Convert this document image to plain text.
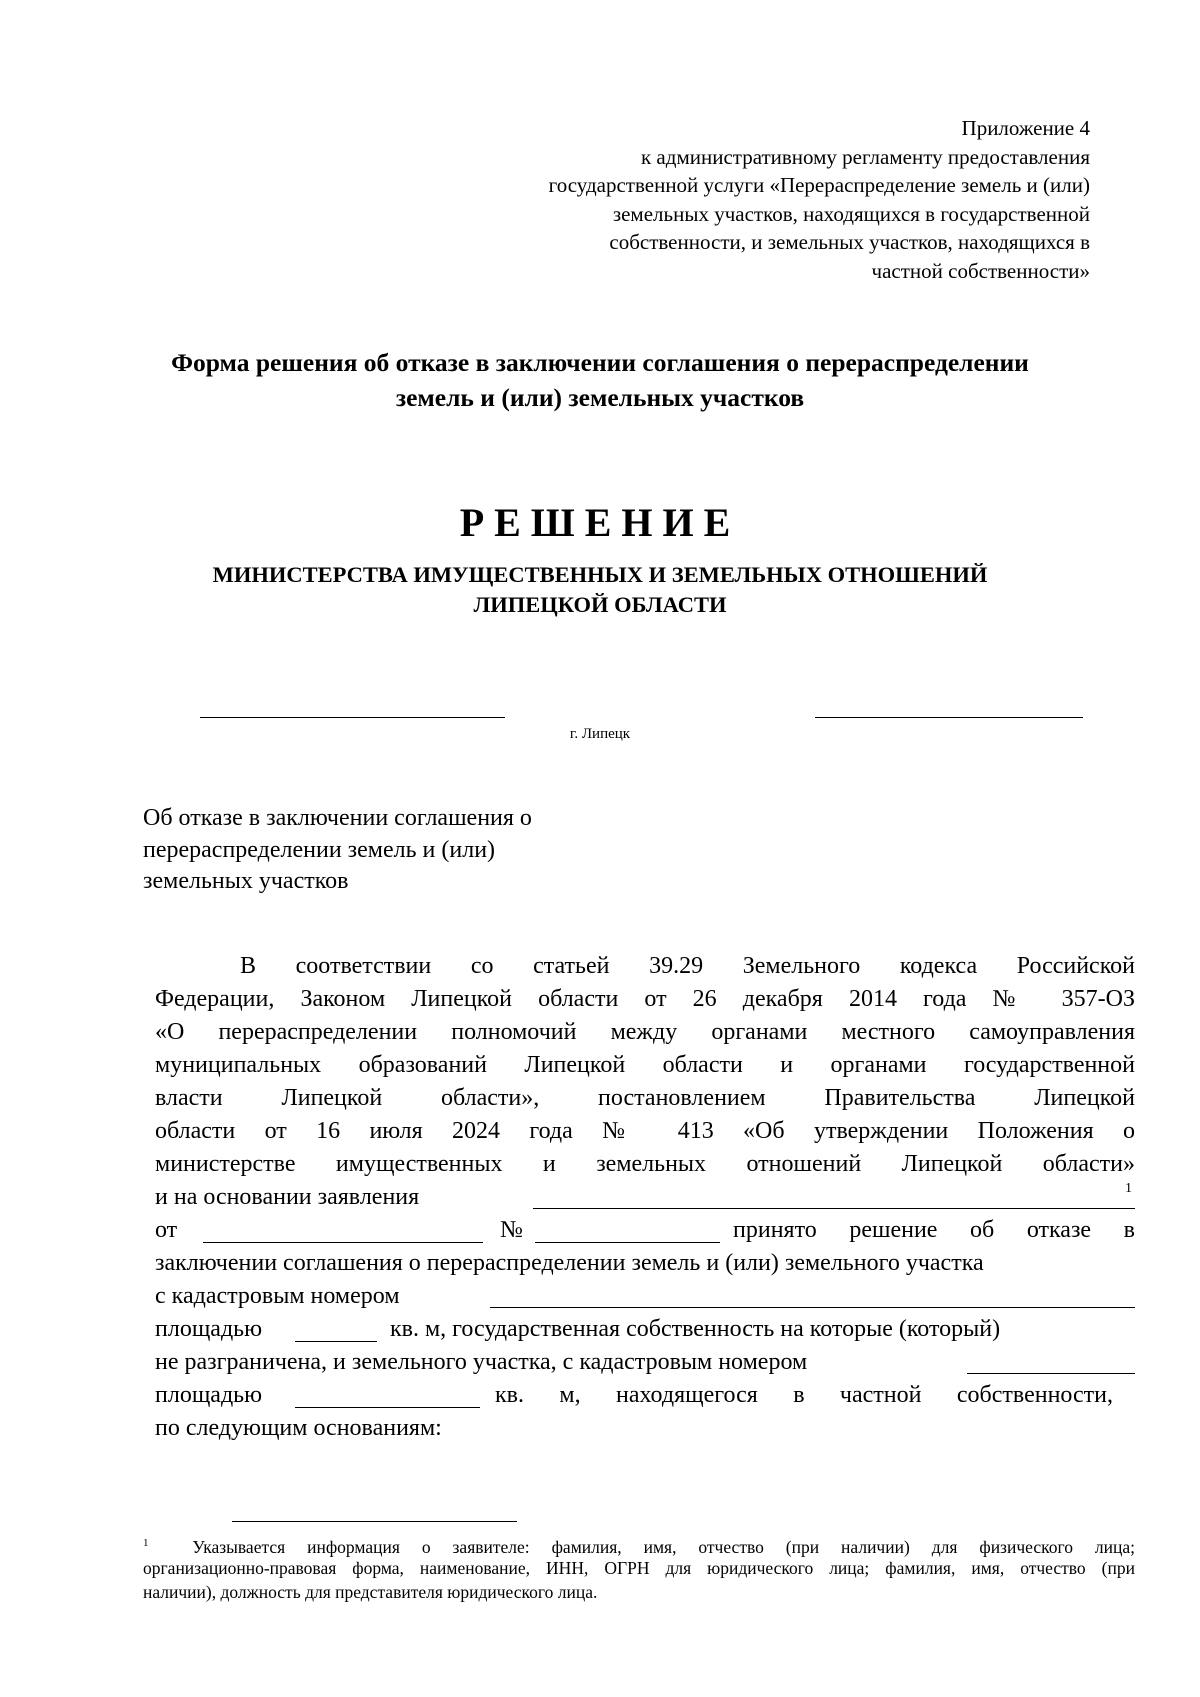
Приложение 4
к административному регламенту предоставления
государственной услуги «Перераспределение земель и (или)
земельных участков, находящихся в государственной
собственности, и земельных участков, находящихся в
частной собственности»
Форма решения об отказе в заключении соглашения о перераспределении
земель и (или) земельных участков
РЕШЕНИЕ
МИНИСТЕРСТВА ИМУЩЕСТВЕННЫХ И ЗЕМЕЛЬНЫХ ОТНОШЕНИЙ
ЛИПЕЦКОЙ ОБЛАСТИ
г. Липецк
Об отказе в заключении соглашения о
перераспределении земель и (или)
земельных участков
В соответствии со статьей 39.29 Земельного кодекса Российской
Федерации, Законом Липецкой области от 26 декабря 2014 года № 357-ОЗ
«О перераспределении полномочий между органами местного самоуправления
муниципальных образований Липецкой области и органами государственной
власти Липецкой области», постановлением Правительства Липецкой
области от 16 июля 2024 года № 413 «Об утверждении Положения о
министерстве имущественных и земельных отношений Липецкой области»
и на основании заявления	1
от	№	принято решение об отказе в
заключении соглашения о перераспределении земель и (или) земельного участка
с кадастровым номером
площадью	кв. м, государственная собственность на которые (который)
не разграничена, и земельного участка, с кадастровым номером
площадью	кв. м, находящегося в частной собственности,
по следующим основаниям:
$^1$	Указывается информация о заявителе: фамилия, имя, отчество (при наличии) для физического лица;
организационно-правовая форма, наименование, ИНН, ОГРН для юридического лица; фамилия, имя, отчество (при
наличии), должность для представителя юридического лица.
